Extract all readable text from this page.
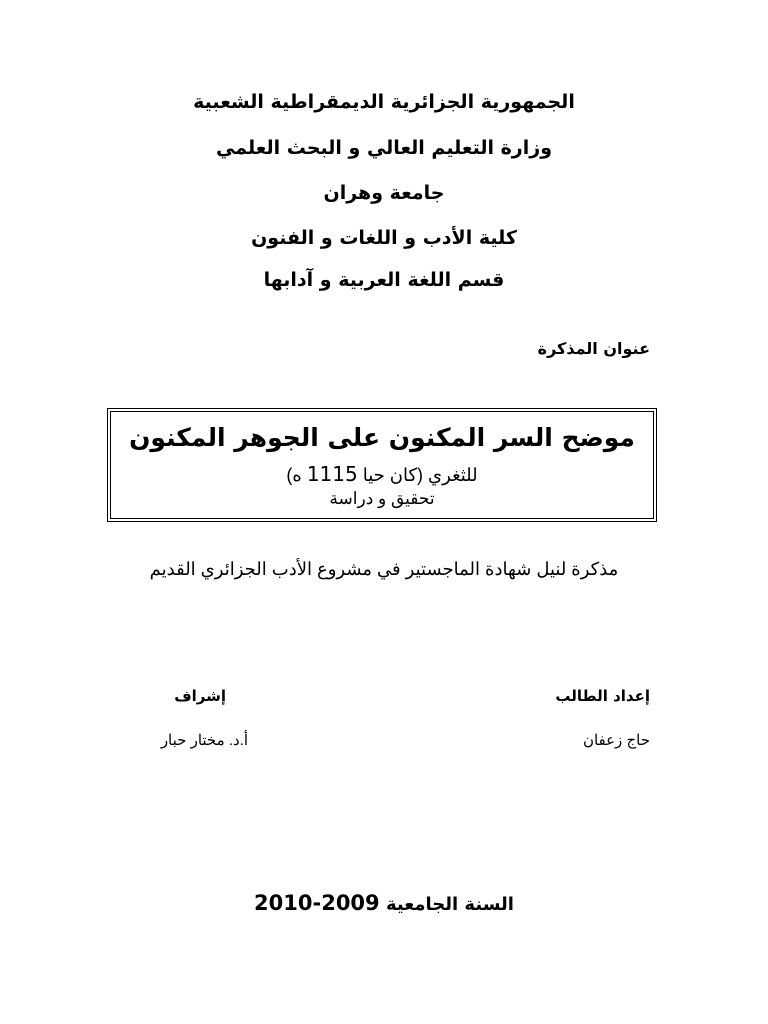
الجمهورية الجزائرية الديمقراطية الشعبية
وزارة التعليم العالي و البحث العلمي
جامعة وهران
كلية الأدب و اللغات و الفنون
قسم اللغة العربية و آدابها
عنوان المذكرة
موضح السر المكنون على الجوهر المكنون
للثغري (كان حيا 1115 ه)
تحقيق و دراسة
مذكرة لنيل شهادة الماجستير في مشروع الأدب الجزائري القديم
إعداد الطالب
حاج زعفان
إشراف
أ.د. مختار حبار
السنة الجامعية 2009-2010
